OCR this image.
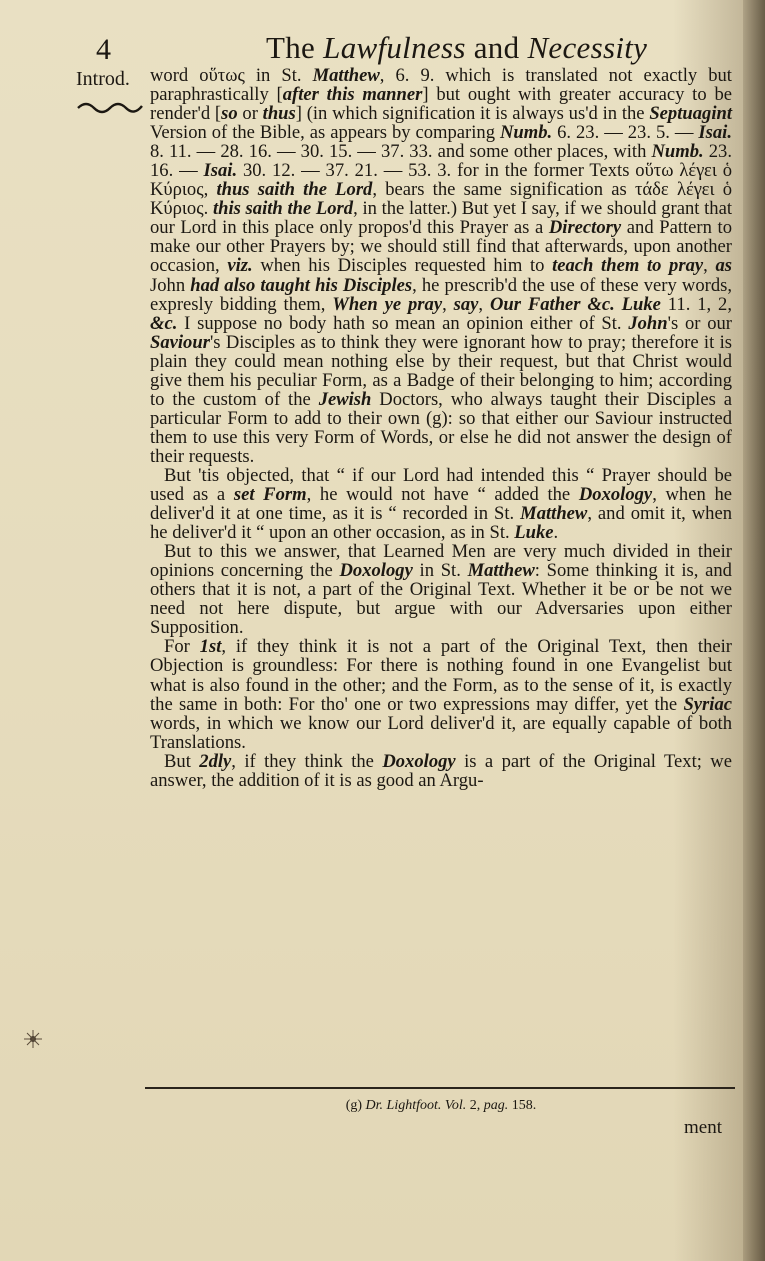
4	The Lawfulness and Necessity
Introd. word οὕτως in St. Matthew, 6. 9. which is translated not exactly but paraphrastically [after this manner] but ought with greater accuracy to be render'd [so or thus] (in which signification it is always us'd in the Septuagint Version of the Bible, as appears by comparing Numb. 6. 23. — 23. 5. — Isai. 8. 11. — 28. 16. — 30. 15. — 37. 33. and some other places, with Numb. 23. 16. — Isai. 30. 12. — 37. 21. — 53. 3. for in the former Texts οὕτω λέγει ὁ Κύριος, thus saith the Lord, bears the same signification as τάδε λέγει ὁ Κύριος. this saith the Lord, in the latter.) But yet I say, if we should grant that our Lord in this place only propos'd this Prayer as a Directory and Pattern to make our other Prayers by; we should still find that afterwards, upon another occasion, viz. when his Disciples requested him to teach them to pray, as John had also taught his Disciples, he prescrib'd the use of these very words, expresly bidding them, When ye pray, say, Our Father &c. Luke 11. 1, 2, &c. I suppose no body hath so mean an opinion either of St. John's or our Saviour's Disciples as to think they were ignorant how to pray; therefore it is plain they could mean nothing else by their request, but that Christ would give them his peculiar Form, as a Badge of their belonging to him; according to the custom of the Jewish Doctors, who always taught their Disciples a particular Form to add to their own (g): so that either our Saviour instructed them to use this very Form of Words, or else he did not answer the design of their requests.

But 'tis objected, that “ if our Lord had intended this “ Prayer should be used as a set Form, he would not have “ added the Doxology, when he deliver'd it at one time, as it is “ recorded in St. Matthew, and omit it, when he deliver'd it “ upon an other occasion, as in St. Luke.

But to this we answer, that Learned Men are very much divided in their opinions concerning the Doxology in St. Matthew: Some thinking it is, and others that it is not, a part of the Original Text. Whether it be or be not we need not here dispute, but argue with our Adversaries upon either Supposition.

For 1st, if they think it is not a part of the Original Text, then their Objection is groundless: For there is nothing found in one Evangelist but what is also found in the other; and the Form, as to the sense of it, is exactly the same in both: For tho' one or two expressions may differ, yet the Syriac words, in which we know our Lord deliver'd it, are equally capable of both Translations.

But 2dly, if they think the Doxology is a part of the Original Text; we answer, the addition of it is as good an Argu-

(g) Dr. Lightfoot. Vol. 2, pag. 158.
ment
